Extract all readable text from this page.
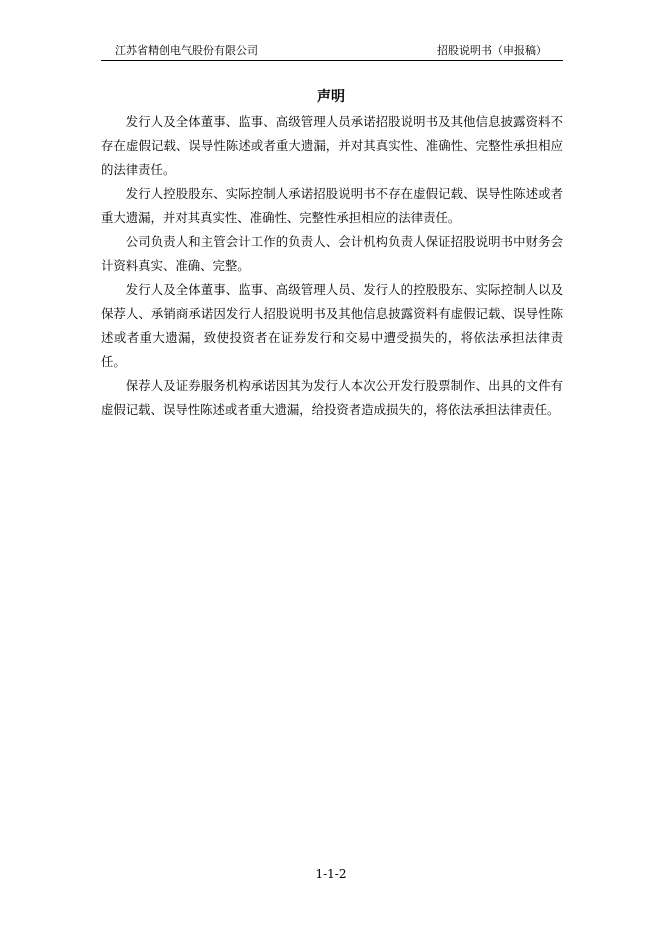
江苏省精创电气股份有限公司	招股说明书（申报稿）
声明

发行人及全体董事、监事、高级管理人员承诺招股说明书及其他信息披露资料不存在虚假记载、误导性陈述或者重大遗漏，并对其真实性、准确性、完整性承担相应的法律责任。

发行人控股股东、实际控制人承诺招股说明书不存在虚假记载、误导性陈述或者重大遗漏，并对其真实性、准确性、完整性承担相应的法律责任。

公司负责人和主管会计工作的负责人、会计机构负责人保证招股说明书中财务会计资料真实、准确、完整。

发行人及全体董事、监事、高级管理人员、发行人的控股股东、实际控制人以及保荐人、承销商承诺因发行人招股说明书及其他信息披露资料有虚假记载、误导性陈述或者重大遗漏，致使投资者在证券发行和交易中遭受损失的，将依法承担法律责任。

保荐人及证券服务机构承诺因其为发行人本次公开发行股票制作、出具的文件有虚假记载、误导性陈述或者重大遗漏，给投资者造成损失的，将依法承担法律责任。

1-1-2
